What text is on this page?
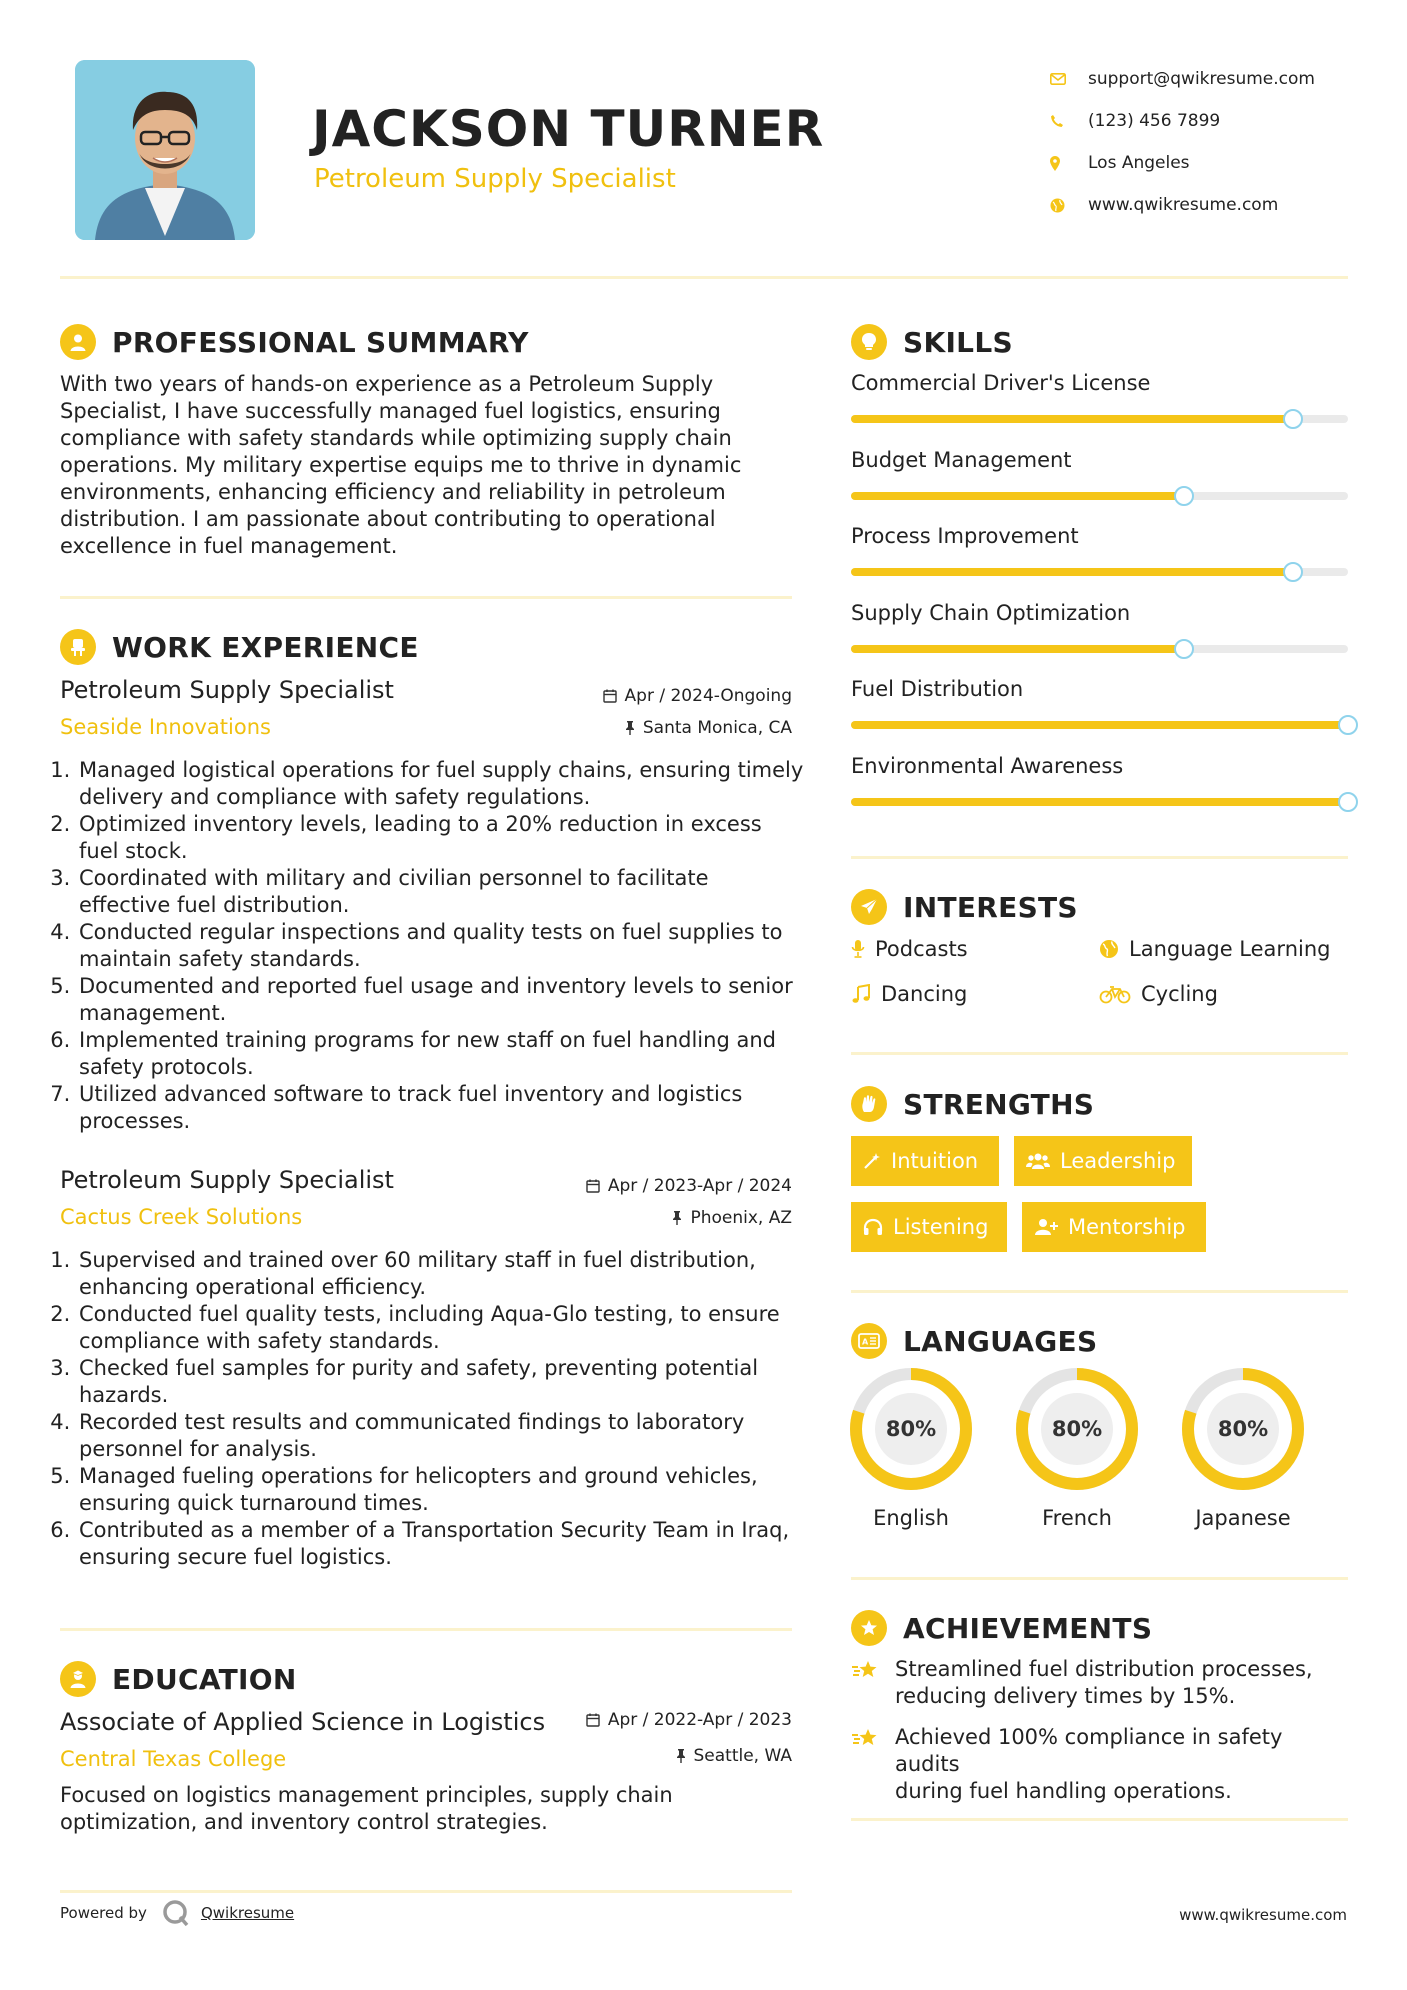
JACKSON TURNER
Petroleum Supply Specialist
support@qwikresume.com
(123) 456 7899
Los Angeles
www.qwikresume.com
PROFESSIONAL SUMMARY
With two years of hands-on experience as a Petroleum Supply
Specialist, I have successfully managed fuel logistics, ensuring
compliance with safety standards while optimizing supply chain
operations. My military expertise equips me to thrive in dynamic
environments, enhancing efficiency and reliability in petroleum
distribution. I am passionate about contributing to operational
excellence in fuel management.
WORK EXPERIENCE
Petroleum Supply Specialist
Seaside Innovations
Apr / 2024-Ongoing
Santa Monica, CA
1. Managed logistical operations for fuel supply chains, ensuring timely delivery and compliance with safety regulations.
2. Optimized inventory levels, leading to a 20% reduction in excess fuel stock.
3. Coordinated with military and civilian personnel to facilitate effective fuel distribution.
4. Conducted regular inspections and quality tests on fuel supplies to maintain safety standards.
5. Documented and reported fuel usage and inventory levels to senior management.
6. Implemented training programs for new staff on fuel handling and safety protocols.
7. Utilized advanced software to track fuel inventory and logistics processes.
Petroleum Supply Specialist
Cactus Creek Solutions
Apr / 2023-Apr / 2024
Phoenix, AZ
1. Supervised and trained over 60 military staff in fuel distribution, enhancing operational efficiency.
2. Conducted fuel quality tests, including Aqua-Glo testing, to ensure compliance with safety standards.
3. Checked fuel samples for purity and safety, preventing potential hazards.
4. Recorded test results and communicated findings to laboratory personnel for analysis.
5. Managed fueling operations for helicopters and ground vehicles, ensuring quick turnaround times.
6. Contributed as a member of a Transportation Security Team in Iraq, ensuring secure fuel logistics.
EDUCATION
Associate of Applied Science in Logistics
Central Texas College
Apr / 2022-Apr / 2023
Seattle, WA
Focused on logistics management principles, supply chain
optimization, and inventory control strategies.
SKILLS
Commercial Driver's License
Budget Management
Process Improvement
Supply Chain Optimization
Fuel Distribution
Environmental Awareness
INTERESTS
Podcasts	Language Learning
Dancing	Cycling
STRENGTHS
Intuition	Leadership
Listening	Mentorship
A LANGUAGES
80%
English
80%
French
80%
Japanese
ACHIEVEMENTS
Streamlined fuel distribution processes,
reducing delivery times by 15%.
Achieved 100% compliance in safety audits
during fuel handling operations.
Powered by	Qwikresume	www.qwikresume.com
